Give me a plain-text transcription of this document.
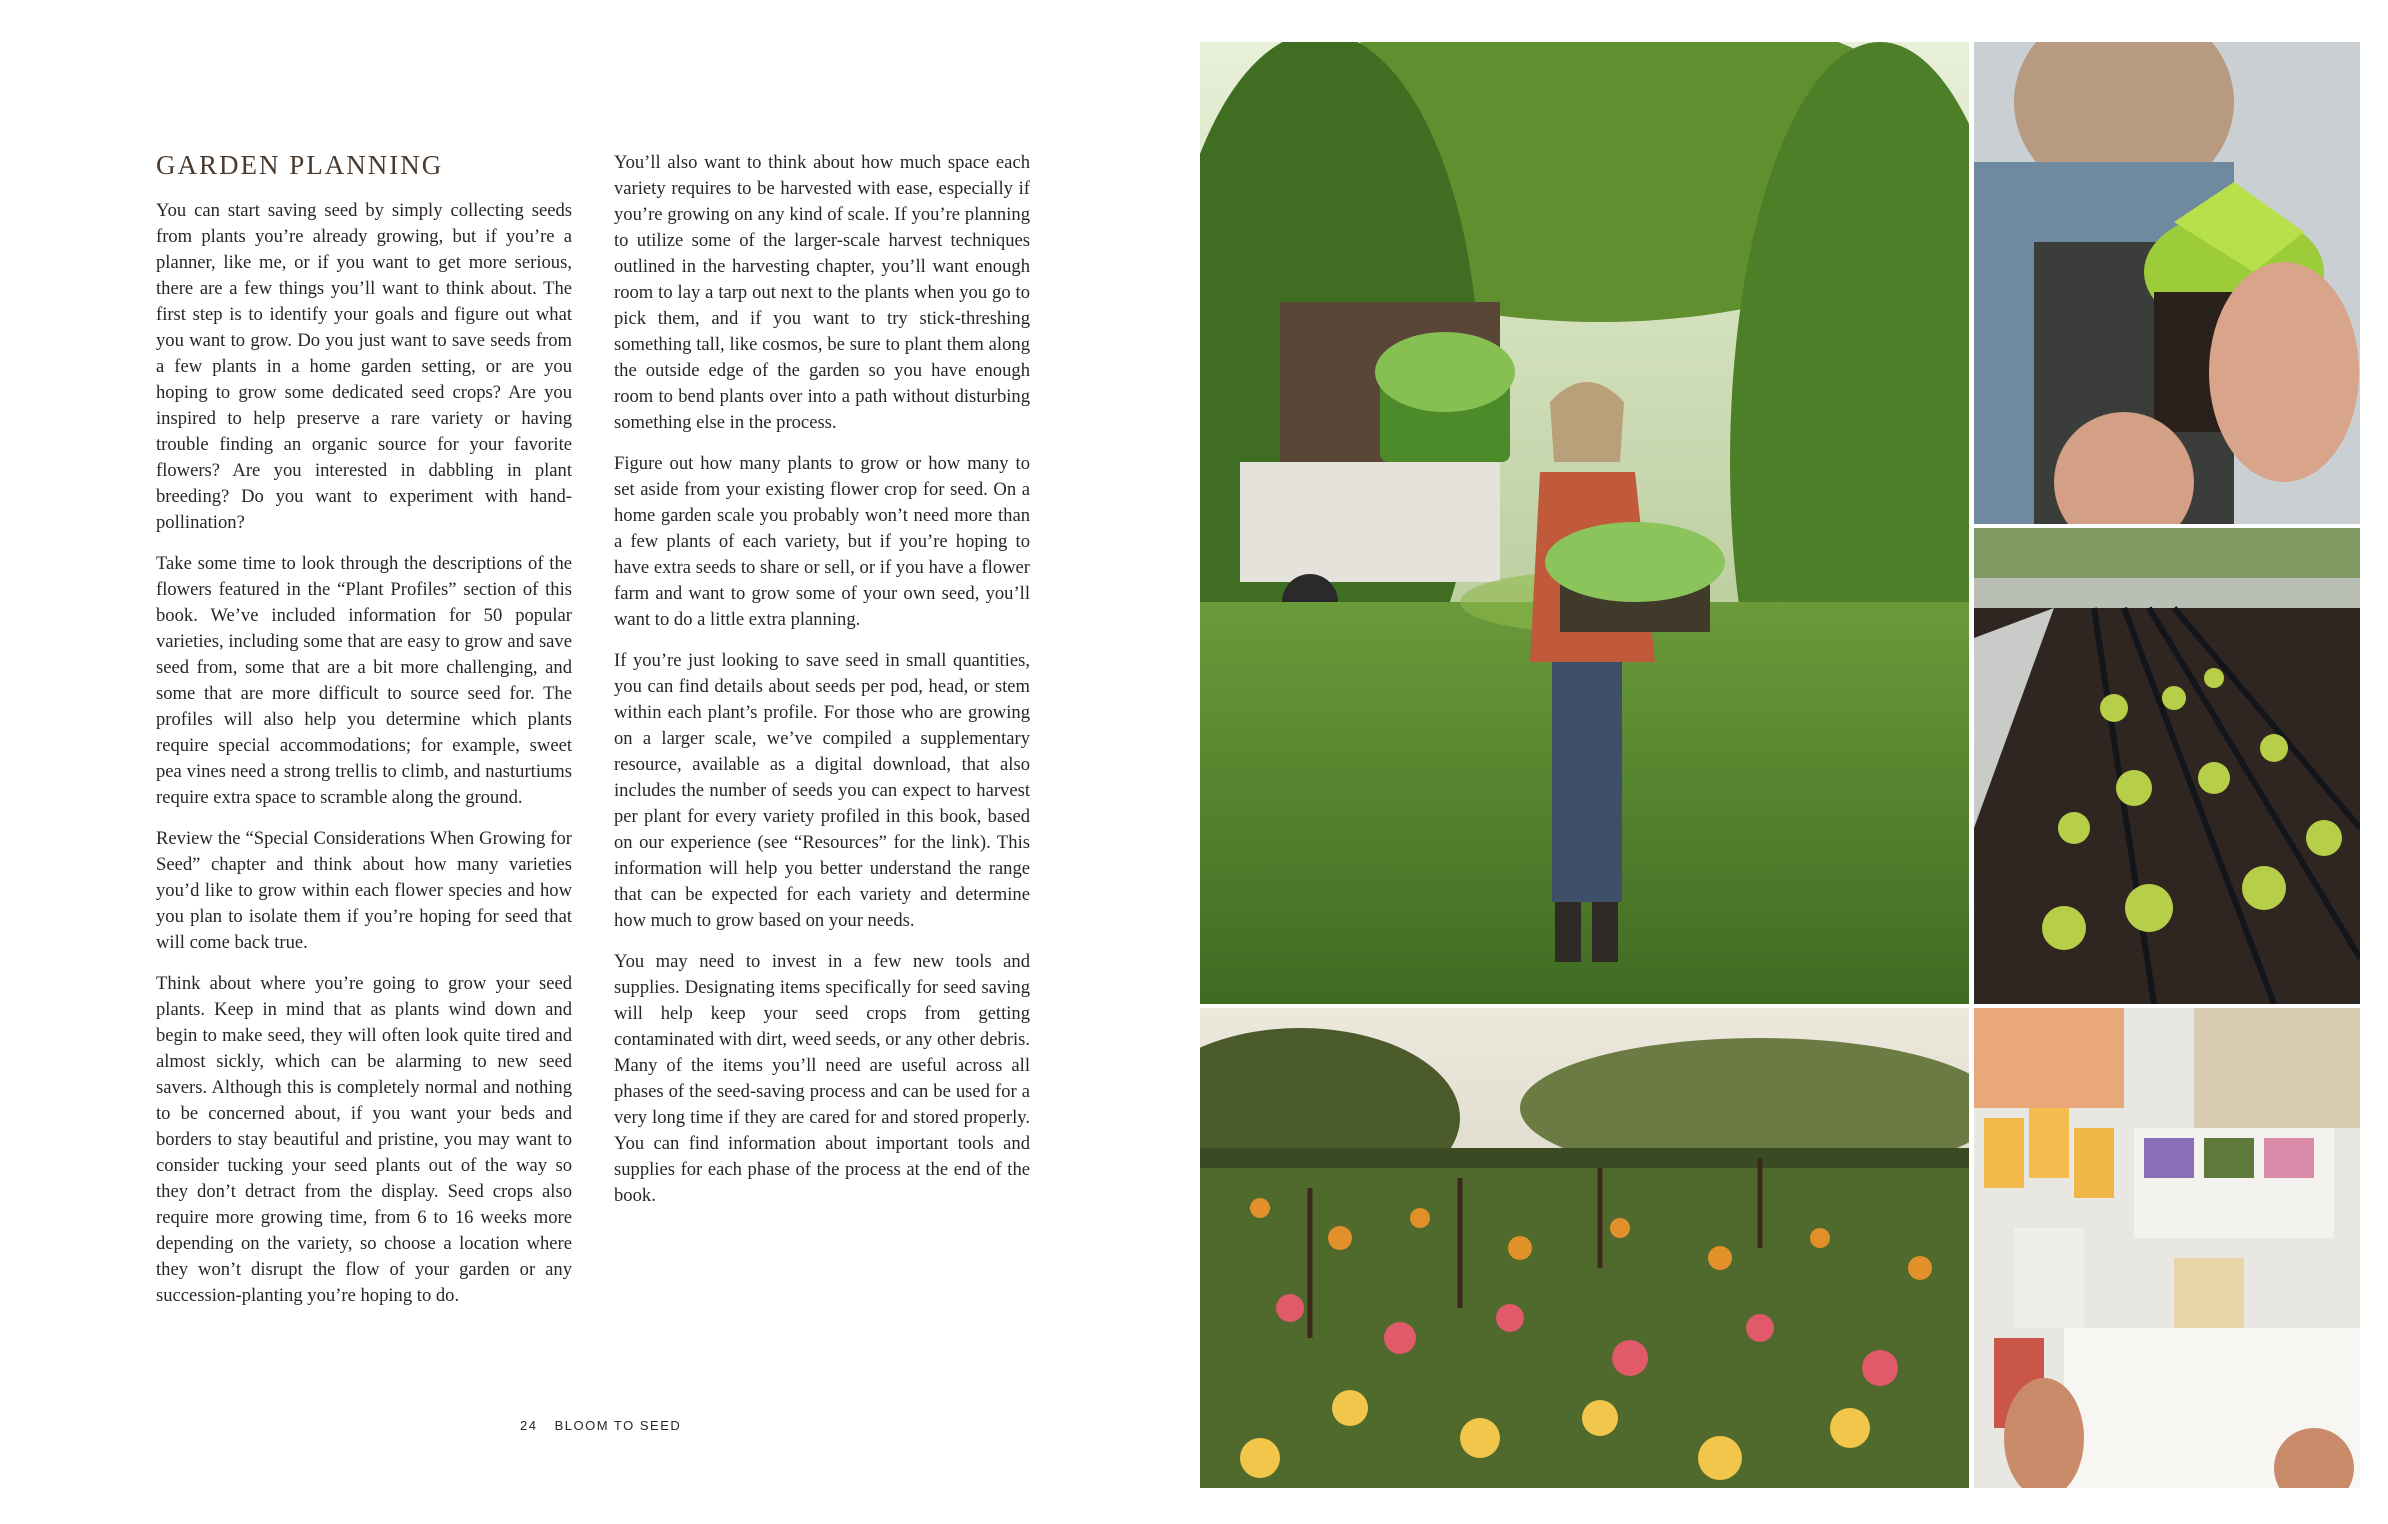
GARDEN PLANNING

You can start saving seed by simply collecting seeds from plants you’re already growing, but if you’re a planner, like me, or if you want to get more serious, there are a few things you’ll want to think about. The first step is to identify your goals and figure out what you want to grow. Do you just want to save seeds from a few plants in a home garden setting, or are you hoping to grow some dedicated seed crops? Are you inspired to help preserve a rare variety or having trouble finding an organic source for your favorite flowers? Are you interested in dabbling in plant breeding? Do you want to experiment with hand-pollination?

Take some time to look through the descriptions of the flowers featured in the “Plant Profiles” section of this book. We’ve included information for 50 popular varieties, including some that are easy to grow and save seed from, some that are a bit more challenging, and some that are more difficult to source seed for. The profiles will also help you determine which plants require special accommodations; for example, sweet pea vines need a strong trellis to climb, and nasturtiums require extra space to scramble along the ground.

Review the “Special Considerations When Growing for Seed” chapter and think about how many varieties you’d like to grow within each flower species and how you plan to isolate them if you’re hoping for seed that will come back true.

Think about where you’re going to grow your seed plants. Keep in mind that as plants wind down and begin to make seed, they will often look quite tired and almost sickly, which can be alarming to new seed savers. Although this is completely normal and nothing to be concerned about, if you want your beds and borders to stay beautiful and pristine, you may want to consider tucking your seed plants out of the way so they don’t detract from the display. Seed crops also require more growing time, from 6 to 16 weeks more depending on the variety, so choose a location where they won’t disrupt the flow of your garden or any succession-planting you’re hoping to do.

You’ll also want to think about how much space each variety requires to be harvested with ease, especially if you’re growing on any kind of scale. If you’re planning to utilize some of the larger-scale harvest techniques outlined in the harvesting chapter, you’ll want enough room to lay a tarp out next to the plants when you go to pick them, and if you want to try stick-threshing something tall, like cosmos, be sure to plant them along the outside edge of the garden so you have enough room to bend plants over into a path without disturbing something else in the process.

Figure out how many plants to grow or how many to set aside from your existing flower crop for seed. On a home garden scale you probably won’t need more than a few plants of each variety, but if you’re hoping to have extra seeds to share or sell, or if you have a flower farm and want to grow some of your own seed, you’ll want to do a little extra planning.

If you’re just looking to save seed in small quantities, you can find details about seeds per pod, head, or stem within each plant’s profile. For those who are growing on a larger scale, we’ve compiled a supplementary resource, available as a digital download, that also includes the number of seeds you can expect to harvest per plant for every variety profiled in this book, based on our experience (see “Resources” for the link). This information will help you better understand the range that can be expected for each variety and determine how much to grow based on your needs.

You may need to invest in a few new tools and supplies. Designating items specifically for seed saving will help keep your seed crops from getting contaminated with dirt, weed seeds, or any other debris. Many of the items you’ll need are useful across all phases of the seed-saving process and can be used for a very long time if they are cared for and stored properly. You can find information about important tools and supplies for each phase of the process at the end of the book.

24 BLOOM TO SEED
